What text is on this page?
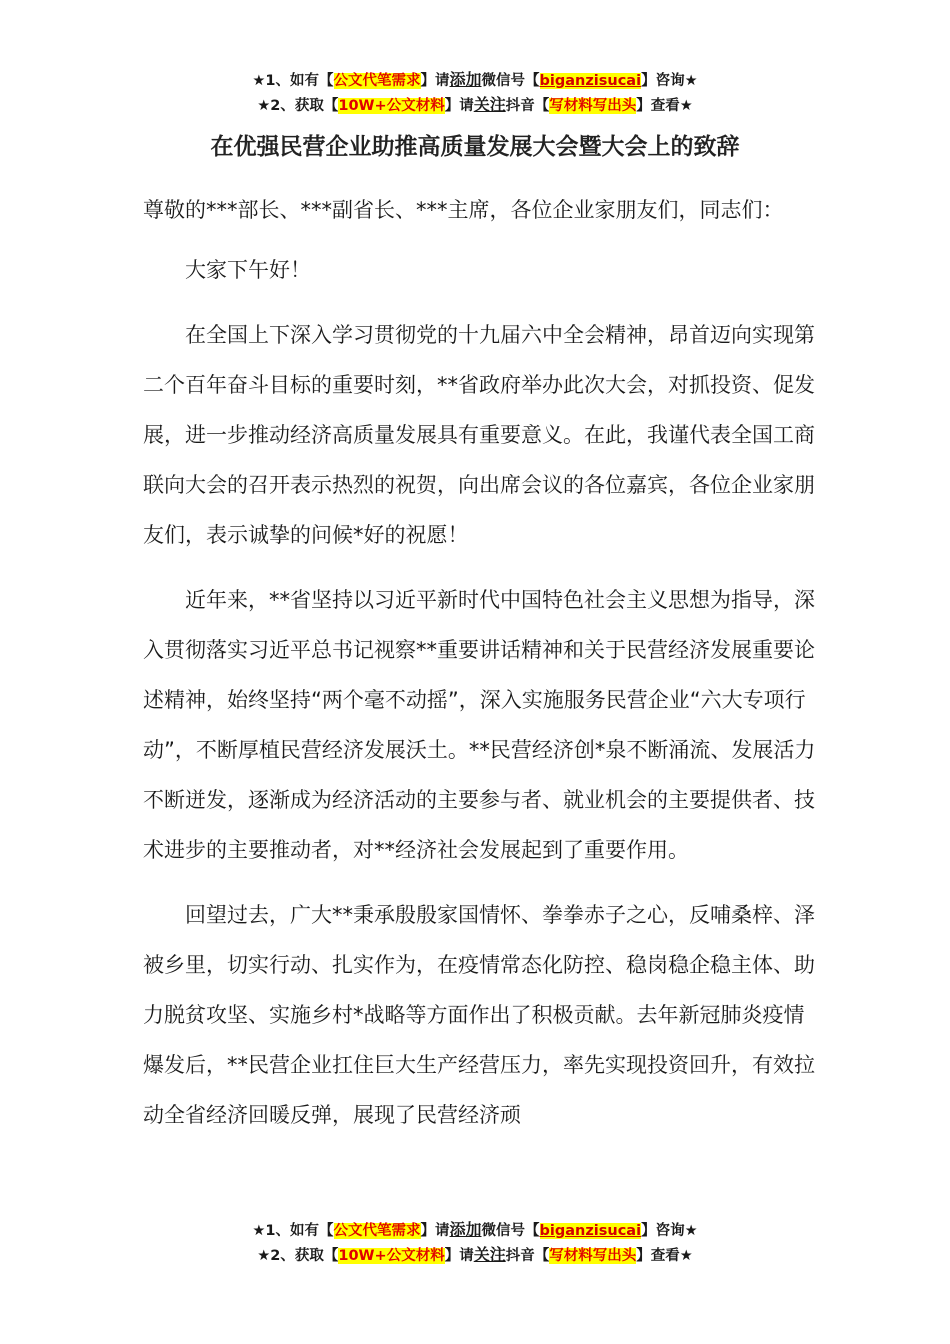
★1、如有【公文代笔需求】请添加微信号【biganzisucai】咨询★
★2、获取【10W+公文材料】请关注抖音【写材料写出头】查看★
在优强民营企业助推高质量发展大会暨大会上的致辞

尊敬的***部长、***副省长、***主席，各位企业家朋友们，同志们：

大家下午好！

在全国上下深入学习贯彻党的十九届六中全会精神，昂首迈向实现第二个百年奋斗目标的重要时刻，**省政府举办此次大会，对抓投资、促发展，进一步推动经济高质量发展具有重要意义。在此，我谨代表全国工商联向大会的召开表示热烈的祝贺，向出席会议的各位嘉宾，各位企业家朋友们，表示诚挚的问候*好的祝愿！

近年来，**省坚持以习近平新时代中国特色社会主义思想为指导，深入贯彻落实习近平总书记视察**重要讲话精神和关于民营经济发展重要论述精神，始终坚持“两个毫不动摇”，深入实施服务民营企业“六大专项行动”，不断厚植民营经济发展沃土。**民营经济创*泉不断涌流、发展活力不断迸发，逐渐成为经济活动的主要参与者、就业机会的主要提供者、技术进步的主要推动者，对**经济社会发展起到了重要作用。

回望过去，广大**秉承殷殷家国情怀、拳拳赤子之心，反哺桑梓、泽被乡里，切实行动、扎实作为，在疫情常态化防控、稳岗稳企稳主体、助力脱贫攻坚、实施乡村*战略等方面作出了积极贡献。去年新冠肺炎疫情爆发后，**民营企业扛住巨大生产经营压力，率先实现投资回升，有效拉动全省经济回暖反弹，展现了民营经济顽

★1、如有【公文代笔需求】请添加微信号【biganzisucai】咨询★
★2、获取【10W+公文材料】请关注抖音【写材料写出头】查看★
